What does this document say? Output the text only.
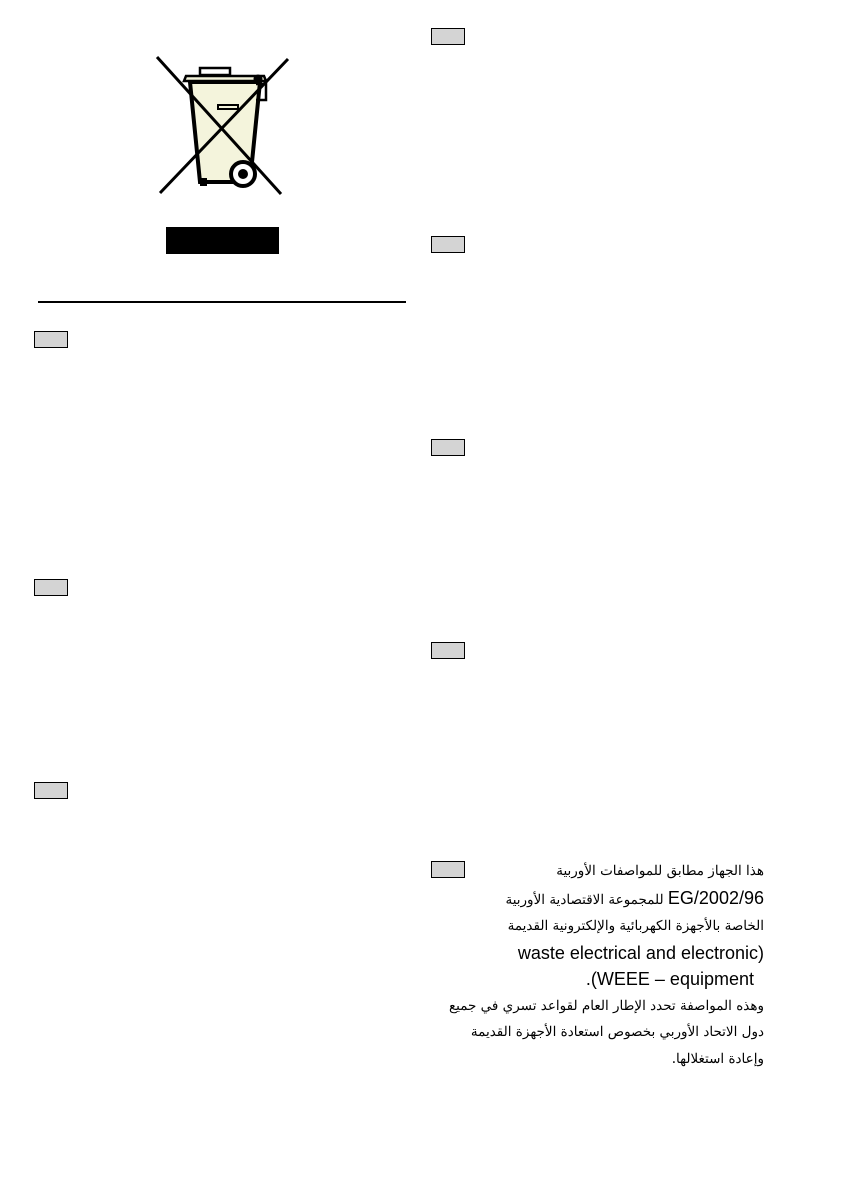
هذا الجهاز مطابق للمواصفات الأوربية
2002/96/EG للمجموعة الاقتصادية الأوربية
الخاصة بالأجهزة الكهربائية والإلكترونية القديمة
waste electrical and electronic)
.(WEEE – equipment
وهذه المواصفة تحدد الإطار العام لقواعد تسري في جميع
دول الاتحاد الأوربي بخصوص استعادة الأجهزة القديمة
وإعادة استغلالها.
